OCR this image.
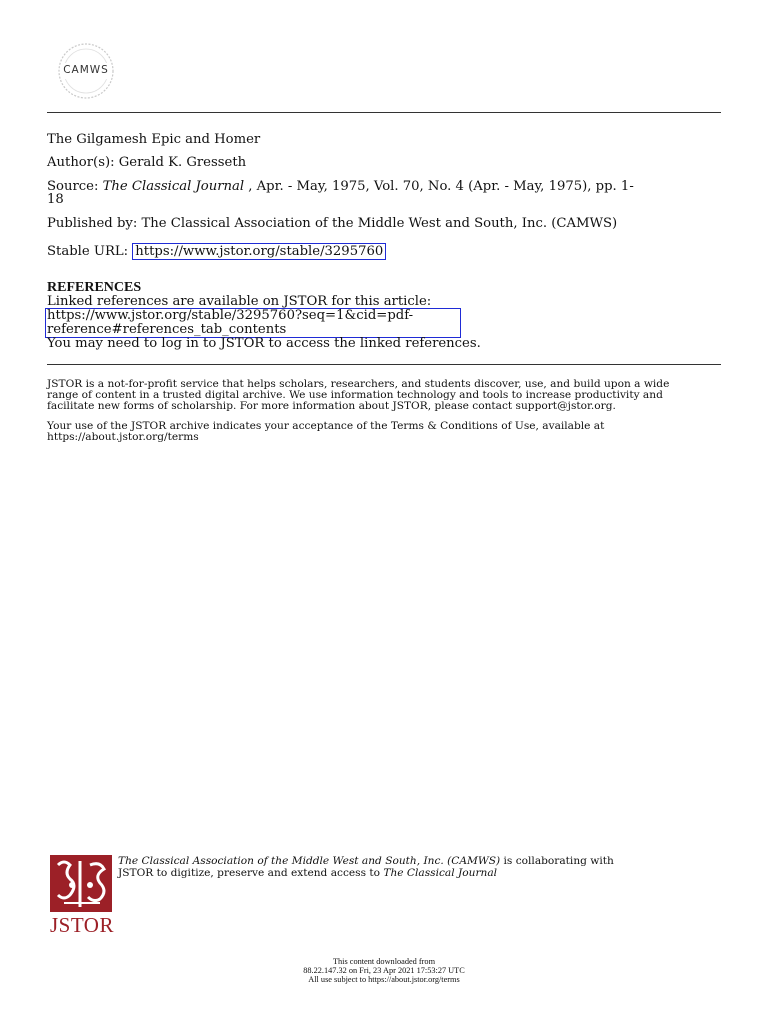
CAMWS
The Gilgamesh Epic and Homer
Author(s): Gerald K. Gresseth
Source: The Classical Journal , Apr. - May, 1975, Vol. 70, No. 4 (Apr. - May, 1975), pp. 1-
18
Published by: The Classical Association of the Middle West and South, Inc. (CAMWS)
Stable URL: https://www.jstor.org/stable/3295760
REFERENCES
Linked references are available on JSTOR for this article:
https://www.jstor.org/stable/3295760?seq=1&cid=pdf-
reference#references_tab_contents
You may need to log in to JSTOR to access the linked references.
JSTOR is a not-for-profit service that helps scholars, researchers, and students discover, use, and build upon a wide
range of content in a trusted digital archive. We use information technology and tools to increase productivity and
facilitate new forms of scholarship. For more information about JSTOR, please contact support@jstor.org.
Your use of the JSTOR archive indicates your acceptance of the Terms & Conditions of Use, available at
https://about.jstor.org/terms
JSTOR
The Classical Association of the Middle West and South, Inc. (CAMWS) is collaborating with
JSTOR to digitize, preserve and extend access to The Classical Journal
This content downloaded from
88.22.147.32 on Fri, 23 Apr 2021 17:53:27 UTC
All use subject to https://about.jstor.org/terms
